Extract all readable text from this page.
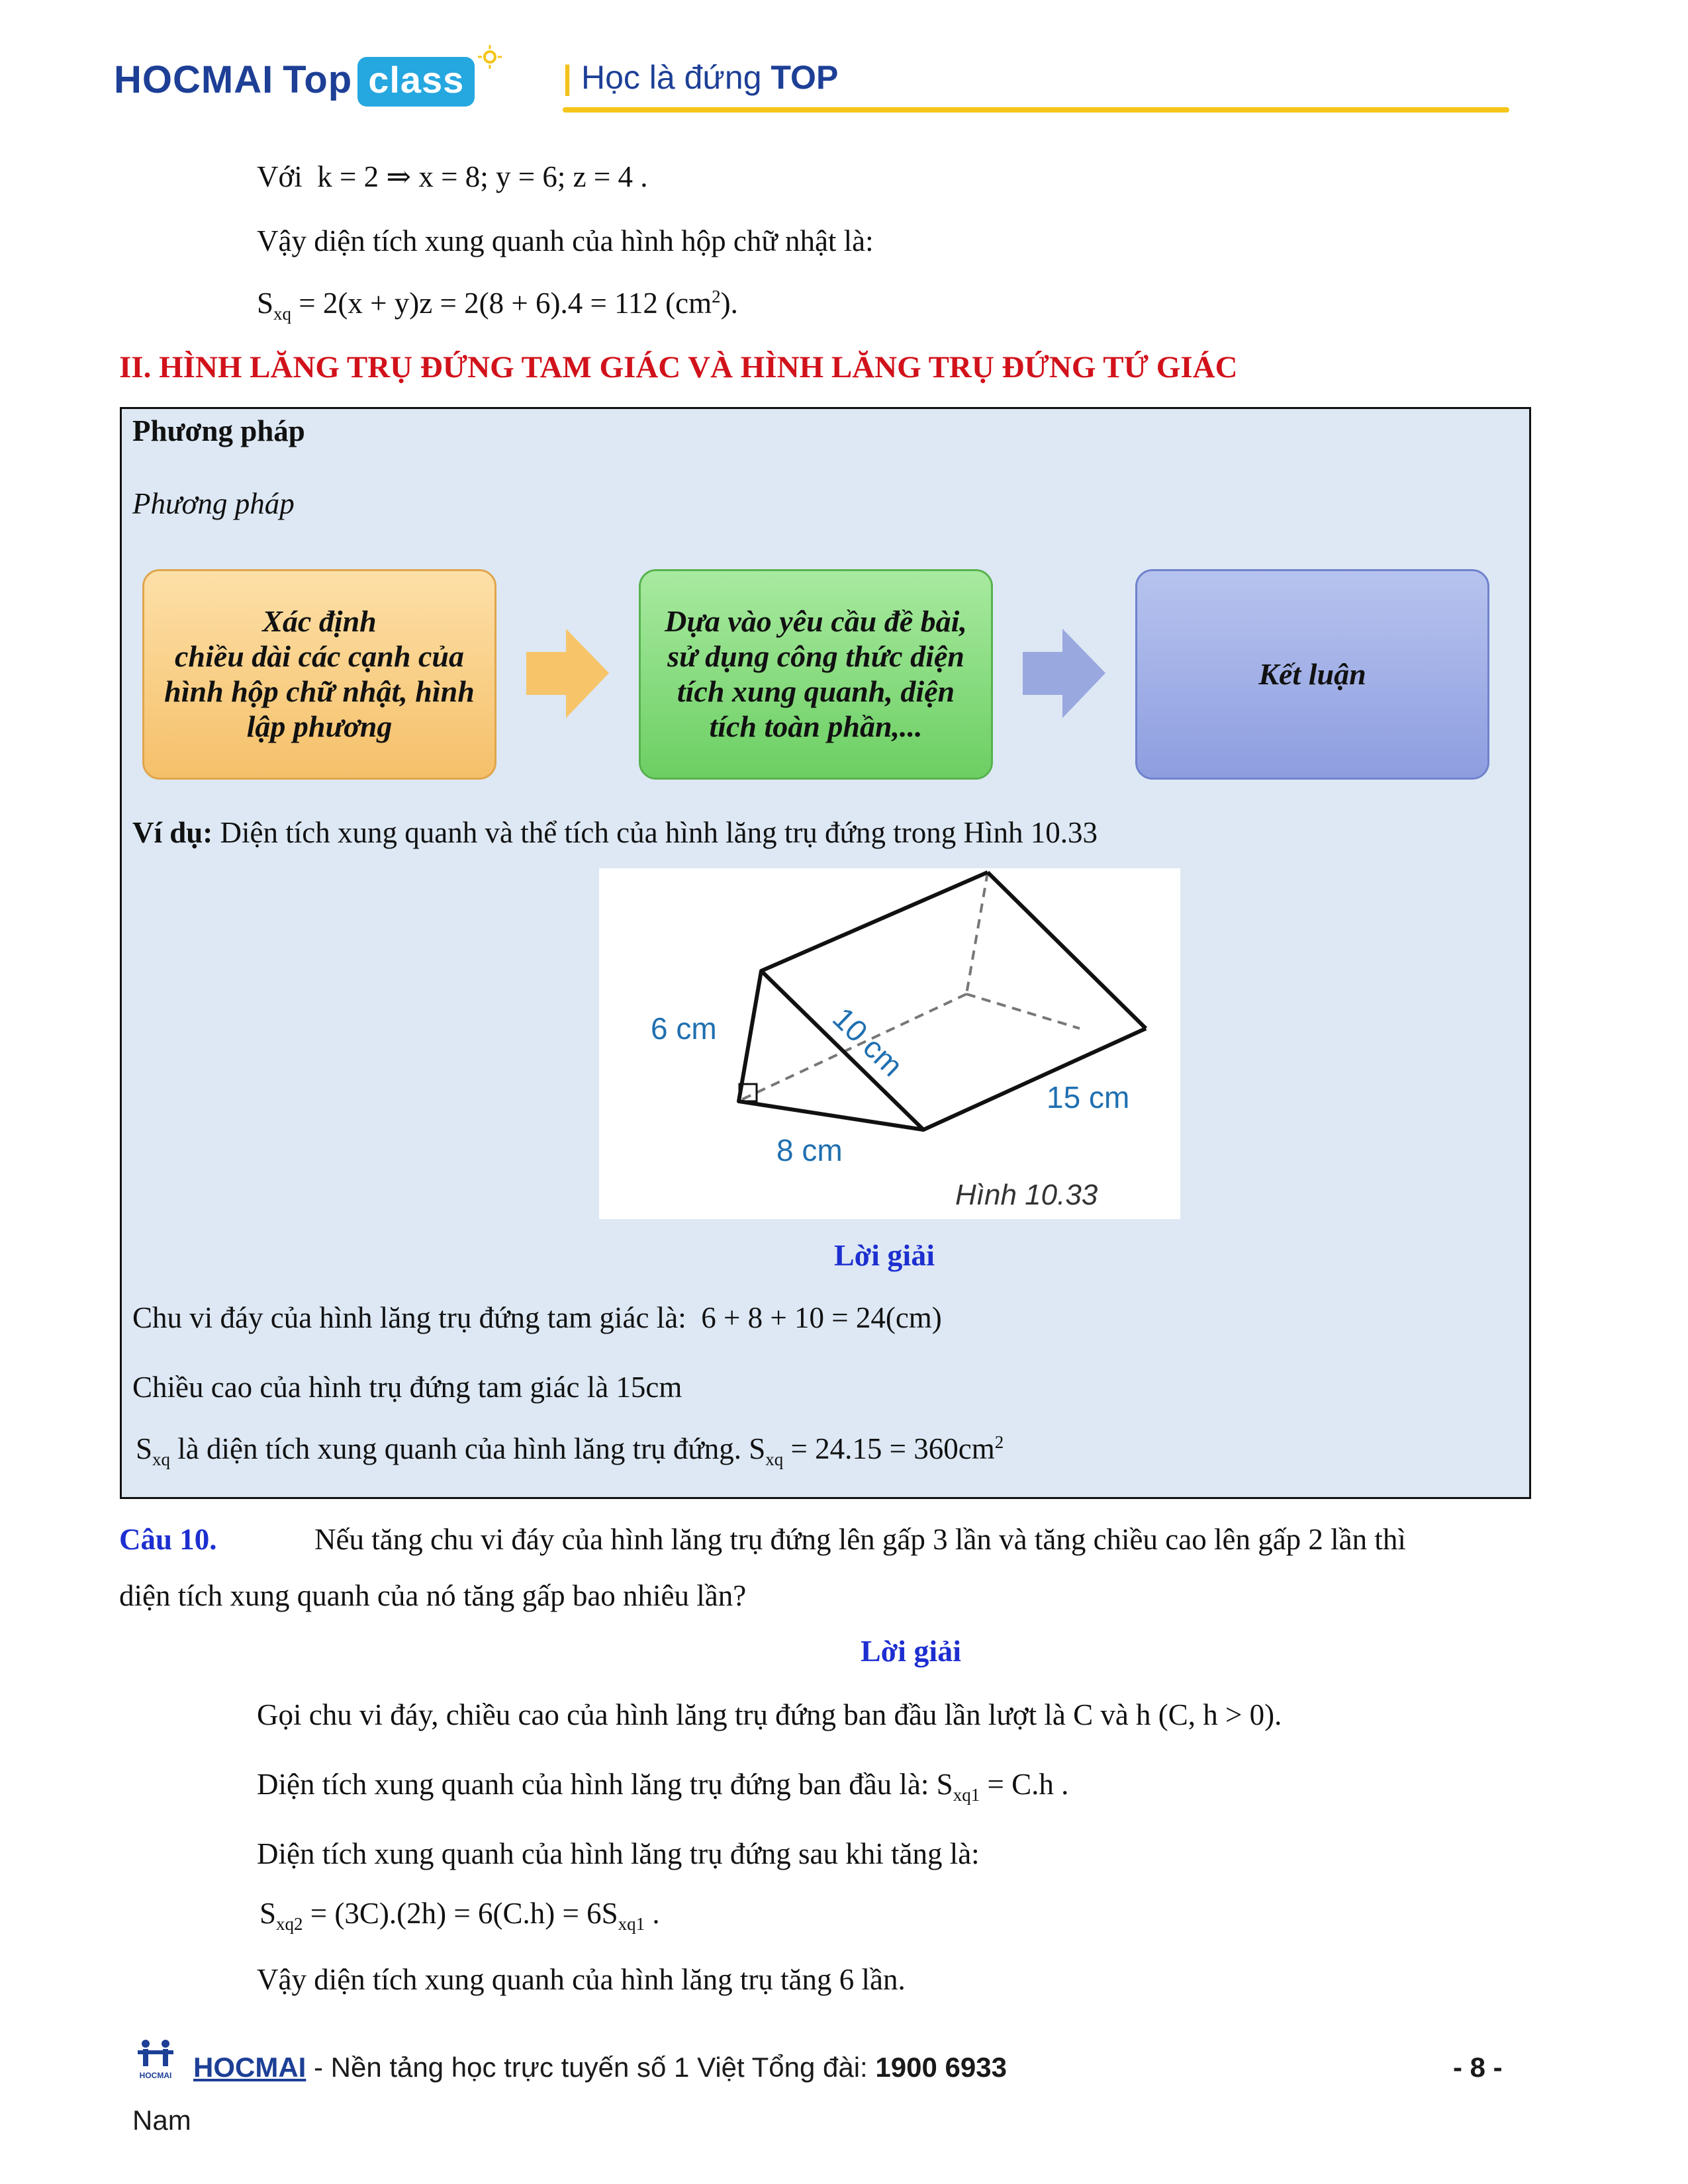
HOCMAI Top class	| Học là đứng TOP
Với k = 2 ⇒ x = 8; y = 6; z = 4 .
Vậy diện tích xung quanh của hình hộp chữ nhật là:
$S_{xq} = 2(x + y)z = 2(8 + 6).4 = 112$ $(cm^2)$.
II. HÌNH LĂNG TRỤ ĐỨNG TAM GIÁC VÀ HÌNH LĂNG TRỤ ĐỨNG TỨ GIÁC
Phương pháp
Phương pháp
Xác định
chiều dài các cạnh của hình hộp chữ nhật, hình lập phương
Dựa vào yêu cầu đề bài, sử dụng công thức diện tích xung quanh, diện tích toàn phần,...
Kết luận
Ví dụ: Diện tích xung quanh và thể tích của hình lăng trụ đứng trong Hình 10.33
6 cm	10 cm
8 cm
15 cm
Hình 10.33
Lời giải
Chu vi đáy của hình lăng trụ đứng tam giác là: 6 + 8 + 10 = 24(cm)
Chiều cao của hình trụ đứng tam giác là 15cm
$S_{xq}$ là diện tích xung quanh của hình lăng trụ đứng. $S_{xq} = 24.15 = 360cm^2$
Câu 10.	Nếu tăng chu vi đáy của hình lăng trụ đứng lên gấp 3 lần và tăng chiều cao lên gấp 2 lần thì
diện tích xung quanh của nó tăng gấp bao nhiêu lần?
Lời giải
Gọi chu vi đáy, chiều cao của hình lăng trụ đứng ban đầu lần lượt là C và h (C, h > 0).
Diện tích xung quanh của hình lăng trụ đứng ban đầu là: $S_{xq1} = C.h$ .
Diện tích xung quanh của hình lăng trụ đứng sau khi tăng là:
$S_{xq2} = (3C).(2h) = 6(C.h) = 6S_{xq1}$ .
Vậy diện tích xung quanh của hình lăng trụ tăng 6 lần.
HOCMAI HOCMAI - Nền tảng học trực tuyến số 1 Việt Tổng đài: 1900 6933	- 8 -
Nam
